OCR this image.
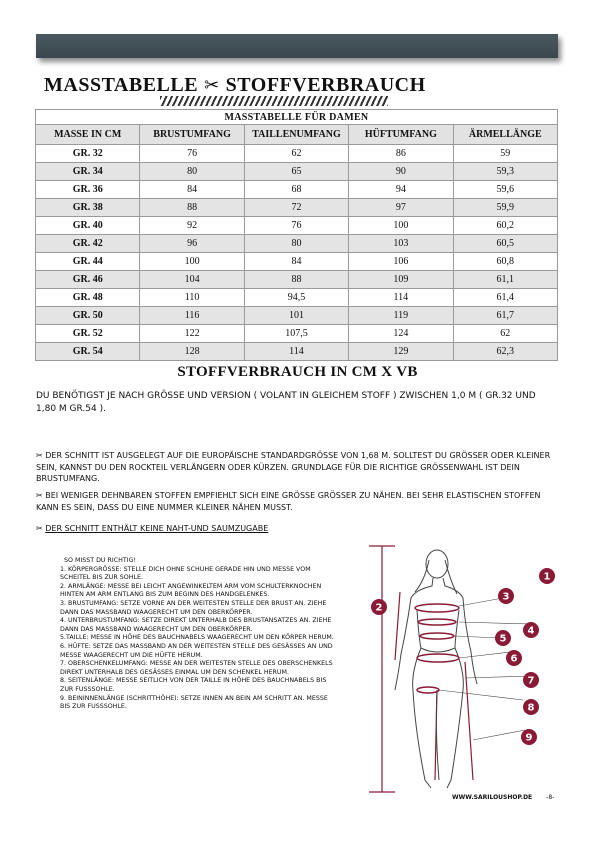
MASSTABELLE ✂ STOFFVERBRAUCH
MASSTABELLE FÜR DAMEN				
MASSE IN CM	BRUSTUMFANG	TAILLENUMFANG	HÜFTUMFANG	ÄRMELLÄNGE
GR. 32	76	62	86	59
GR. 34	80	65	90	59,3
GR. 36	84	68	94	59,6
GR. 38	88	72	97	59,9
GR. 40	92	76	100	60,2
GR. 42	96	80	103	60,5
GR. 44	100	84	106	60,8
GR. 46	104	88	109	61,1
GR. 48	110	94,5	114	61,4
GR. 50	116	101	119	61,7
GR. 52	122	107,5	124	62
GR. 54	128	114	129	62,3
STOFFVERBRAUCH IN CM X VB
DU BENÖTIGST JE NACH GRÖSSE UND VERSION ( VOLANT IN GLEICHEM STOFF ) ZWISCHEN 1,0 M ( GR.32 UND 1,80 M GR.54 ).
✂ DER SCHNITT IST AUSGELEGT AUF DIE EUROPÄISCHE STANDARDGRÖSSE VON 1,68 M. SOLLTEST DU GRÖSSER ODER KLEINER SEIN, KANNST DU DEN ROCKTEIL VERLÄNGERN ODER KÜRZEN. GRUNDLAGE FÜR DIE RICHTIGE GRÖSSENWAHL IST DEIN BRUSTUMFANG.
✂ BEI WENIGER DEHNBAREN STOFFEN EMPFIEHLT SICH EINE GRÖSSE GRÖSSER ZU NÄHEN. BEI SEHR ELASTISCHEN STOFFEN KANN ES SEIN, DASS DU EINE NUMMER KLEINER NÄHEN MUSST.
✂ DER SCHNITT ENTHÄLT KEINE NAHT-UND SAUMZUGABE
SO MISST DU RICHTIG!
1. KÖRPERGRÖSSE: STELLE DICH OHNE SCHUHE GERADE HIN UND MESSE VOM SCHEITEL BIS ZUR SOHLE.
2. ARMLÄNGE: MESSE BEI LEICHT ANGEWINKELTEM ARM VOM SCHULTERKNOCHEN HINTEN AM ARM ENTLANG BIS ZUM BEGINN DES HANDGELENKES.
3. BRUSTUMFANG: SETZE VORNE AN DER WEITESTEN STELLE DER BRUST AN. ZIEHE DANN DAS MASSBAND WAAGERECHT UM DEN OBERKÖRPER.
4. UNTERBRUSTUMFANG: SETZE DIREKT UNTERHALB DES BRUSTANSATZES AN. ZIEHE DANN DAS MASSBAND WAAGERECHT UM DEN OBERKÖRPER.
5.TAILLE: MESSE IN HÖHE DES BAUCHNABELS WAAGERECHT UM DEN KÖRPER HERUM.
6. HÜFTE: SETZE DAS MASSBAND AN DER WEITESTEN STELLE DES GESÄSSES AN UND MESSE WAAGERECHT UM DIE HÜFTE HERUM.
7. OBERSCHENKELUMFANG: MESSE AN DER WEITESTEN STELLE DES OBERSCHENKELS DIREKT UNTERHALB DES GESÄSSES EINMAL UM DEN SCHENKEL HERUM.
8. SEITENLÄNGE: MESSE SEITLICH VON DER TAILLE IN HÖHE DES BAUCHNABELS BIS ZUR FUSSSOHLE.
9. BEININNENLÄNGE (SCHRITTHÖHE): SETZE INNEN AN BEIN AM SCHRITT AN. MESSE BIS ZUR FUSSSOHLE.
1
2
3
4
5
6
7
8
9
WWW.SARILOUSHOP.DE -8-
